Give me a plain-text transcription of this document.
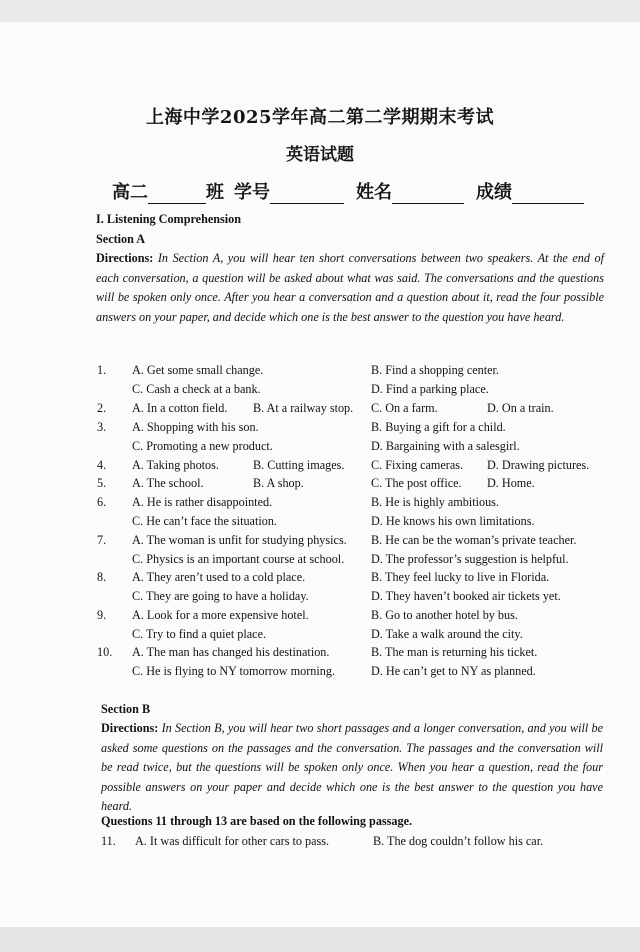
上海中学2025学年高二第二学期期末考试
英语试题
高二	班 学号	姓名	成绩
I. Listening Comprehension
Section A
Directions: In Section A, you will hear ten short conversations between two speakers. At the end of each conversation, a question will be asked about what was said. The conversations and the questions will be spoken only once. After you hear a conversation and a question about it, read the four possible answers on your paper, and decide which one is the best answer to the question you have heard.
1. A. Get some small change.	B. Find a shopping center.
C. Cash a check at a bank.	D. Find a parking place.
2. A. In a cotton field. B. At a railway stop. C. On a farm.	D. On a train.
3. A. Shopping with his son.	B. Buying a gift for a child.
C. Promoting a new product.	D. Bargaining with a salesgirl.
4. A. Taking photos.	B. Cutting images. C. Fixing cameras. D. Drawing pictures.
5. A. The school.	B. A shop.	C. The post office. D. Home.
6. A. He is rather disappointed.	B. He is highly ambitious.
C. He can’t face the situation.	D. He knows his own limitations.
7. A. The woman is unfit for studying physics. B. He can be the woman’s private teacher.
C. Physics is an important course at school. D. The professor’s suggestion is helpful.
8. A. They aren’t used to a cold place.	B. They feel lucky to live in Florida.
C. They are going to have a holiday.	D. They haven’t booked air tickets yet.
9. A. Look for a more expensive hotel.	B. Go to another hotel by bus.
C. Try to find a quiet place.	D. Take a walk around the city.
10. A. The man has changed his destination.	B. The man is returning his ticket.
C. He is flying to NY tomorrow morning.	D. He can’t get to NY as planned.
Section B
Directions: In Section B, you will hear two short passages and a longer conversation, and you will be asked some questions on the passages and the conversation. The passages and the conversation will be read twice, but the questions will be spoken only once. When you hear a question, read the four possible answers on your paper and decide which one is the best answer to the question you have heard.
Questions 11 through 13 are based on the following passage.
11. A. It was difficult for other cars to pass.	B. The dog couldn’t follow his car.
